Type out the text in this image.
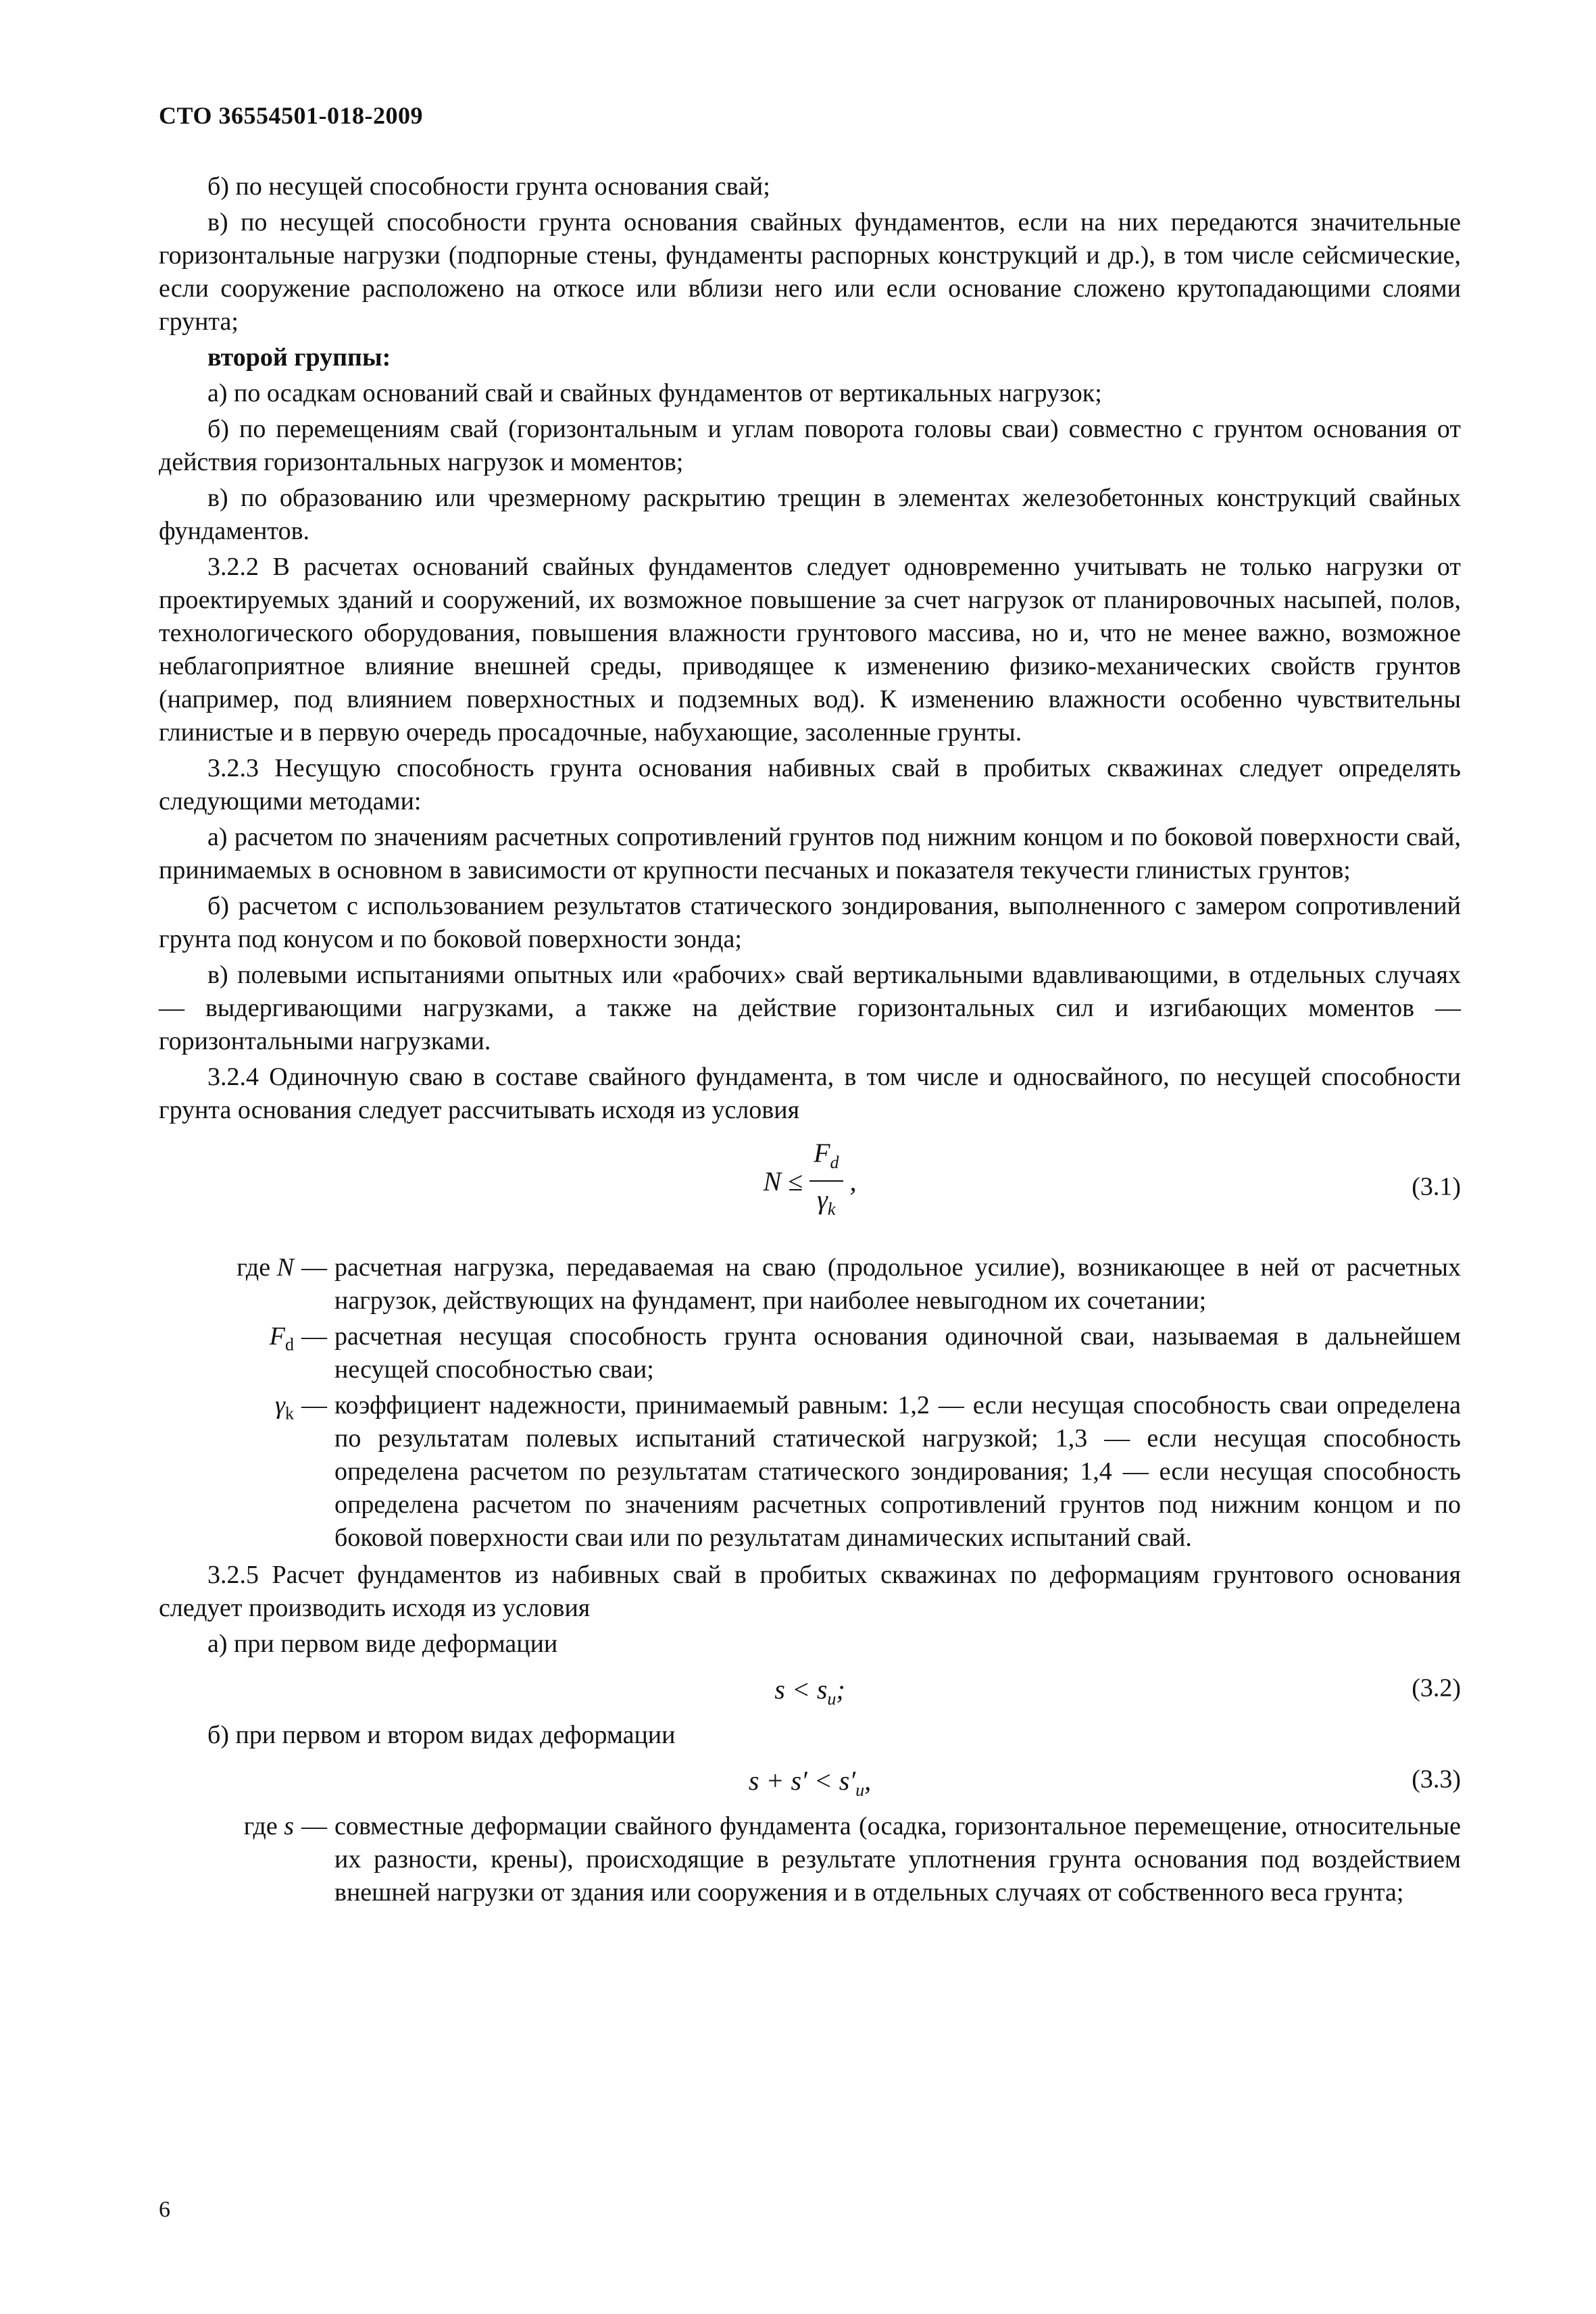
СТО 36554501-018-2009

б) по несущей способности грунта основания свай;

в) по несущей способности грунта основания свайных фундаментов, если на них передаются значительные горизонтальные нагрузки (подпорные стены, фундаменты распорных конструкций и др.), в том числе сейсмические, если сооружение расположено на откосе или вблизи него или если основание сложено крутопадающими слоями грунта;

второй группы:

а) по осадкам оснований свай и свайных фундаментов от вертикальных нагрузок;

б) по перемещениям свай (горизонтальным и углам поворота головы сваи) совместно с грунтом основания от действия горизонтальных нагрузок и моментов;

в) по образованию или чрезмерному раскрытию трещин в элементах железобетонных конструкций свайных фундаментов.

3.2.2 В расчетах оснований свайных фундаментов следует одновременно учитывать не только нагрузки от проектируемых зданий и сооружений, их возможное повышение за счет нагрузок от планировочных насыпей, полов, технологического оборудования, повышения влажности грунтового массива, но и, что не менее важно, возможное неблагоприятное влияние внешней среды, приводящее к изменению физико-механических свойств грунтов (например, под влиянием поверхностных и подземных вод). К изменению влажности особенно чувствительны глинистые и в первую очередь просадочные, набухающие, засоленные грунты.

3.2.3 Несущую способность грунта основания набивных свай в пробитых скважинах следует определять следующими методами:

а) расчетом по значениям расчетных сопротивлений грунтов под нижним концом и по боковой поверхности свай, принимаемых в основном в зависимости от крупности песчаных и показателя текучести глинистых грунтов;

б) расчетом с использованием результатов статического зондирования, выполненного с замером сопротивлений грунта под конусом и по боковой поверхности зонда;

в) полевыми испытаниями опытных или «рабочих» свай вертикальными вдавливающими, в отдельных случаях — выдергивающими нагрузками, а также на действие горизонтальных сил и изгибающих моментов — горизонтальными нагрузками.

3.2.4 Одиночную сваю в составе свайного фундамента, в том числе и односвайного, по несущей способности грунта основания следует рассчитывать исходя из условия

$N \le \frac{F_d}{\gamma_k}$ ,	(3.1)
где N — расчетная нагрузка, передаваемая на сваю (продольное усилие), возникающее в ней от расчетных нагрузок, действующих на фундамент, при наиболее невыгодном их сочетании;
$F_d$ — расчетная несущая способность грунта основания одиночной сваи, называемая в дальнейшем несущей способностью сваи;
$\gamma_k$ — коэффициент надежности, принимаемый равным: 1,2 — если несущая способность сваи определена по результатам полевых испытаний статической нагрузкой; 1,3 — если несущая способность определена расчетом по результатам статического зондирования; 1,4 — если несущая способность определена расчетом по значениям расчетных сопротивлений грунтов под нижним концом и по боковой поверхности сваи или по результатам динамических испытаний свай.

3.2.5 Расчет фундаментов из набивных свай в пробитых скважинах по деформациям грунтового основания следует производить исходя из условия

а) при первом виде деформации

$s < s_u$;	(3.2)

б) при первом и втором видах деформации

$s + s' < s'_u$,	(3.3)
где s — совместные деформации свайного фундамента (осадка, горизонтальное перемещение, относительные их разности, крены), происходящие в результате уплотнения грунта основания под воздействием внешней нагрузки от здания или сооружения и в отдельных случаях от собственного веса грунта;
6
